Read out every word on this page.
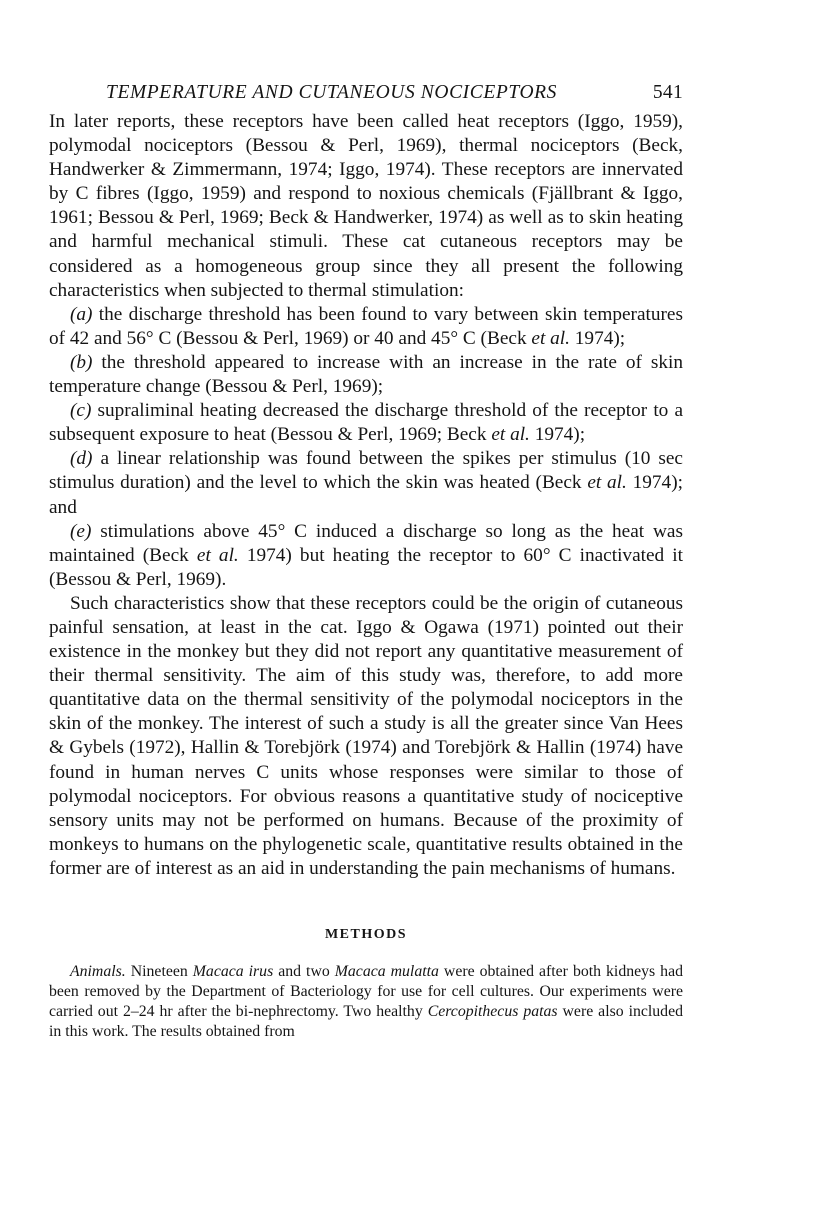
TEMPERATURE AND CUTANEOUS NOCICEPTORS	541

In later reports, these receptors have been called heat receptors (Iggo, 1959), polymodal nociceptors (Bessou & Perl, 1969), thermal nociceptors (Beck, Handwerker & Zimmermann, 1974; Iggo, 1974). These receptors are innervated by C fibres (Iggo, 1959) and respond to noxious chemicals (Fjällbrant & Iggo, 1961; Bessou & Perl, 1969; Beck & Handwerker, 1974) as well as to skin heating and harmful mechanical stimuli. These cat cutaneous receptors may be considered as a homogeneous group since they all present the following characteristics when subjected to thermal stimulation:

(a) the discharge threshold has been found to vary between skin temperatures of 42 and 56° C (Bessou & Perl, 1969) or 40 and 45° C (Beck et al. 1974);

(b) the threshold appeared to increase with an increase in the rate of skin temperature change (Bessou & Perl, 1969);

(c) supraliminal heating decreased the discharge threshold of the receptor to a subsequent exposure to heat (Bessou & Perl, 1969; Beck et al. 1974);

(d) a linear relationship was found between the spikes per stimulus (10 sec stimulus duration) and the level to which the skin was heated (Beck et al. 1974); and

(e) stimulations above 45° C induced a discharge so long as the heat was maintained (Beck et al. 1974) but heating the receptor to 60° C inactivated it (Bessou & Perl, 1969).

Such characteristics show that these receptors could be the origin of cutaneous painful sensation, at least in the cat. Iggo & Ogawa (1971) pointed out their existence in the monkey but they did not report any quantitative measurement of their thermal sensitivity. The aim of this study was, therefore, to add more quantitative data on the thermal sensitivity of the polymodal nociceptors in the skin of the monkey. The interest of such a study is all the greater since Van Hees & Gybels (1972), Hallin & Torebjörk (1974) and Torebjörk & Hallin (1974) have found in human nerves C units whose responses were similar to those of polymodal nociceptors. For obvious reasons a quantitative study of nociceptive sensory units may not be performed on humans. Because of the proximity of monkeys to humans on the phylogenetic scale, quantitative results obtained in the former are of interest as an aid in understanding the pain mechanisms of humans.

METHODS

Animals. Nineteen Macaca irus and two Macaca mulatta were obtained after both kidneys had been removed by the Department of Bacteriology for use for cell cultures. Our experiments were carried out 2–24 hr after the bi-nephrectomy. Two healthy Cercopithecus patas were also included in this work. The results obtained from
